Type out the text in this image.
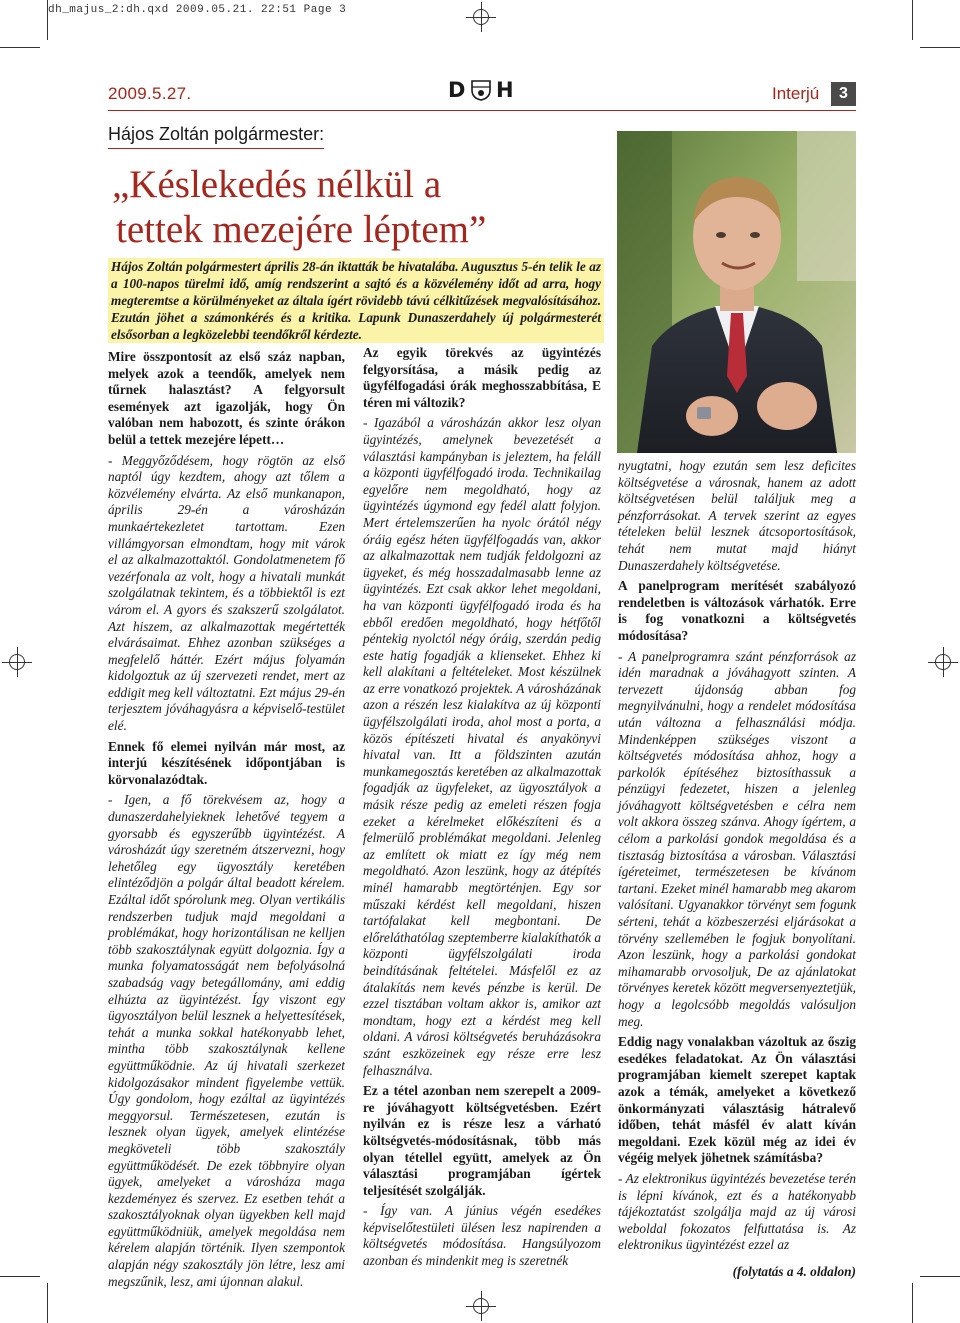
dh_majus_2:dh.qxd 2009.05.21. 22:51 Page 3
2009.5.27.	D H	Interjú	3
Hájos Zoltán polgármester:
„Késlekedés nélkül a
tettek mezejére léptem”
Hájos Zoltán polgármestert április 28-án iktatták be hivatalába. Augusztus 5-én telik le az a 100-napos türelmi idő, amíg rendszerint a sajtó és a közvélemény időt ad arra, hogy megteremtse a körülményeket az általa ígért rövidebb távú célkitűzések megvalósításához. Ezután jöhet a számonkérés és a kritika. Lapunk Dunaszerdahely új polgármesterét elsősorban a legközelebbi teendőkről kérdezte.

Mire összpontosít az első száz napban, melyek azok a teendők, amelyek nem tűrnek halasztást? A felgyorsult események azt igazolják, hogy Ön valóban nem habozott, és szinte órákon belül a tettek mezejére lépett…

- Meggyőződésem, hogy rögtön az első naptól úgy kezdtem, ahogy azt tőlem a közvélemény elvárta. Az első munkanapon, április 29-én a városházán munkaértekezletet tartottam. Ezen villámgyorsan elmondtam, hogy mit várok el az alkalmazottaktól. Gondolatmenetem fő vezérfonala az volt, hogy a hivatali munkát szolgálatnak tekintem, és a többiektől is ezt várom el. A gyors és szakszerű szolgálatot. Azt hiszem, az alkalmazottak megértették elvárásaimat. Ehhez azonban szükséges a megfelelő háttér. Ezért május folyamán kidolgoztuk az új szervezeti rendet, mert az eddigit meg kell változtatni. Ezt május 29-én terjesztem jóváhagyásra a képviselő-testület elé.

Ennek fő elemei nyilván már most, az interjú készítésének időpontjában is körvonalazódtak.

- Igen, a fő törekvésem az, hogy a dunaszerdahelyieknek lehetővé tegyem a gyorsabb és egyszerűbb ügyintézést. A városházát úgy szeretném átszervezni, hogy lehetőleg egy ügyosztály keretében elintéződjön a polgár által beadott kérelem. Ezáltal időt spórolunk meg. Olyan vertikális rendszerben tudjuk majd megoldani a problémákat, hogy horizontálisan ne kelljen több szakosztálynak együtt dolgoznia. Így a munka folyamatosságát nem befolyásolná szabadság vagy betegállomány, ami eddig elhúzta az ügyintézést. Így viszont egy ügyosztályon belül lesznek a helyettesítések, tehát a munka sokkal hatékonyabb lehet, mintha több szakosztálynak kellene együttműködnie. Az új hivatali szerkezet kidolgozásakor mindent figyelembe vettük. Úgy gondolom, hogy ezáltal az ügyintézés meggyorsul. Természetesen, ezután is lesznek olyan ügyek, amelyek elintézése megköveteli több szakosztály együttműködését. De ezek többnyire olyan ügyek, amelyeket a városháza maga kezdeményez és szervez. Ez esetben tehát a szakosztályoknak olyan ügyekben kell majd együttműködniük, amelyek megoldása nem kérelem alapján történik. Ilyen szempontok alapján négy szakosztály jön létre, lesz ami megszűnik, lesz, ami újonnan alakul.

Az egyik törekvés az ügyintézés felgyorsítása, a másik pedig az ügyfélfogadási órák meghosszabbítása, E téren mi változik?

- Igazából a városházán akkor lesz olyan ügyintézés, amelynek bevezetését a választási kampányban is jeleztem, ha feláll a központi ügyfélfogadó iroda. Technikailag egyelőre nem megoldható, hogy az ügyintézés úgymond egy fedél alatt folyjon. Mert értelemszerűen ha nyolc órától négy óráig egész héten ügyfélfogadás van, akkor az alkalmazottak nem tudják feldolgozni az ügyeket, és még hosszadalmasabb lenne az ügyintézés. Ezt csak akkor lehet megoldani, ha van központi ügyfélfogadó iroda és ha ebből eredően megoldható, hogy hétfőtől péntekig nyolctól négy óráig, szerdán pedig este hatig fogadják a klienseket. Ehhez ki kell alakítani a feltételeket. Most készülnek az erre vonatkozó projektek. A városházának azon a részén lesz kialakítva az új központi ügyfélszolgálati iroda, ahol most a porta, a közös építészeti hivatal és anyakönyvi hivatal van. Itt a földszinten azután munkamegosztás keretében az alkalmazottak fogadják az ügyfeleket, az ügyosztályok a másik része pedig az emeleti részen fogja ezeket a kérelmeket előkészíteni és a felmerülő problémákat megoldani. Jelenleg az említett ok miatt ez így még nem megoldható. Azon leszünk, hogy az átépítés minél hamarabb megtörténjen. Egy sor műszaki kérdést kell megoldani, hiszen tartófalakat kell megbontani. De előreláthatólag szeptemberre kialakíthatók a központi ügyfélszolgálati iroda beindításának feltételei. Másfelől ez az átalakítás nem kevés pénzbe is kerül. De ezzel tisztában voltam akkor is, amikor azt mondtam, hogy ezt a kérdést meg kell oldani. A városi költségvetés beruházásokra szánt eszközeinek egy része erre lesz felhasználva.

Ez a tétel azonban nem szerepelt a 2009-re jóváhagyott költségvetésben. Ezért nyilván ez is része lesz a várható költségvetés-módosításnak, több más olyan tétellel együtt, amelyek az Ön választási programjában ígértek teljesítését szolgálják.

- Így van. A június végén esedékes képviselőtestületi ülésen lesz napirenden a költségvetés módosítása. Hangsúlyozom azonban és mindenkit meg is szeretnék

nyugtatni, hogy ezután sem lesz deficites költségvetése a városnak, hanem az adott költségvetésen belül találjuk meg a pénzforrásokat. A tervek szerint az egyes tételeken belül lesznek átcsoportosítások, tehát nem mutat majd hiányt Dunaszerdahely költségvetése.

A panelprogram merítését szabályozó rendeletben is változások várhatók. Erre is fog vonatkozni a költségvetés módosítása?

- A panelprogramra szánt pénzforrások az idén maradnak a jóváhagyott szinten. A tervezett újdonság abban fog megnyilvánulni, hogy a rendelet módosítása után változna a felhasználási módja. Mindenképpen szükséges viszont a költségvetés módosítása ahhoz, hogy a parkolók építéséhez biztosíthassuk a pénzügyi fedezetet, hiszen a jelenleg jóváhagyott költségvetésben e célra nem volt akkora összeg szánva. Ahogy ígértem, a célom a parkolási gondok megoldása és a tisztaság biztosítása a városban. Választási ígéreteimet, természetesen be kívánom tartani. Ezeket minél hamarabb meg akarom valósítani. Ugyanakkor törvényt sem fogunk sérteni, tehát a közbeszerzési eljárásokat a törvény szellemében le fogjuk bonyolítani. Azon leszünk, hogy a parkolási gondokat mihamarabb orvosoljuk, De az ajánlatokat törvényes keretek között megversenyeztetjük, hogy a legolcsóbb megoldás valósuljon meg.

Eddig nagy vonalakban vázoltuk az őszig esedékes feladatokat. Az Ön választási programjában kiemelt szerepet kaptak azok a témák, amelyeket a következő önkormányzati választásig hátralevő időben, tehát másfél év alatt kíván megoldani. Ezek közül még az idei év végéig melyek jöhetnek számításba?

- Az elektronikus ügyintézés bevezetése terén is lépni kívánok, ezt és a hatékonyabb tájékoztatást szolgálja majd az új városi weboldal fokozatos felfuttatása is. Az elektronikus ügyintézést ezzel az

(folytatás a 4. oldalon)
